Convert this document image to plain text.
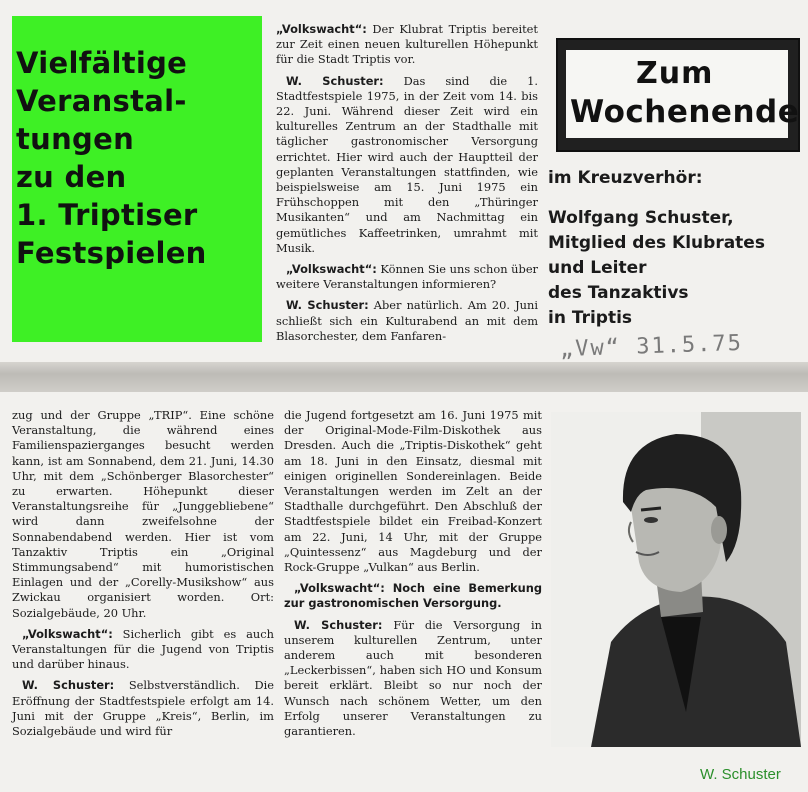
Vielfältige
Veranstal-
tungen
zu den
1. Triptiser
Festspielen

„Volkswacht“: Der Klubrat Triptis bereitet zur Zeit einen neuen kulturellen Höhepunkt für die Stadt Triptis vor.

W. Schuster: Das sind die 1. Stadtfestspiele 1975, in der Zeit vom 14. bis 22. Juni. Während dieser Zeit wird ein kulturelles Zentrum an der Stadthalle mit täglicher gastronomischer Versorgung errichtet. Hier wird auch der Hauptteil der geplanten Veranstaltungen stattfinden, wie beispielsweise am 15. Juni 1975 ein Frühschoppen mit den „Thüringer Musikanten“ und am Nachmittag ein gemütliches Kaffeetrinken, umrahmt mit Musik.

„Volkswacht“: Können Sie uns schon über weitere Veranstaltungen informieren?

W. Schuster: Aber natürlich. Am 20. Juni schließt sich ein Kulturabend an mit dem Blasorchester, dem Fanfaren-

Zum
Wochenende
im Kreuzverhör:
Wolfgang Schuster,
Mitglied des Klubrates
und Leiter
des Tanzaktivs
in Triptis
„Vw“ 31.5.75

zug und der Gruppe „TRIP“. Eine schöne Veranstaltung, die während eines Familienspazierganges besucht werden kann, ist am Sonnabend, dem 21. Juni, 14.30 Uhr, mit dem „Schönberger Blasorchester“ zu erwarten. Höhepunkt dieser Veranstaltungsreihe für „Junggebliebene“ wird dann zweifelsohne der Sonnabendabend werden. Hier ist vom Tanzaktiv Triptis ein „Original Stimmungsabend“ mit humoristischen Einlagen und der „Corelly-Musikshow“ aus Zwickau organisiert worden. Ort: Sozialgebäude, 20 Uhr.

„Volkswacht“: Sicherlich gibt es auch Veranstaltungen für die Jugend von Triptis und darüber hinaus.

W. Schuster: Selbstverständlich. Die Eröffnung der Stadtfestspiele erfolgt am 14. Juni mit der Gruppe „Kreis“, Berlin, im Sozialgebäude und wird für

die Jugend fortgesetzt am 16. Juni 1975 mit der Original-Mode-Film-Diskothek aus Dresden. Auch die „Triptis-Diskothek“ geht am 18. Juni in den Einsatz, diesmal mit einigen originellen Sondereinlagen. Beide Veranstaltungen werden im Zelt an der Stadthalle durchgeführt. Den Abschluß der Stadtfestspiele bildet ein Freibad-Konzert am 22. Juni, 14 Uhr, mit der Gruppe „Quintessenz“ aus Magdeburg und der Rock-Gruppe „Vulkan“ aus Berlin.

„Volkswacht“: Noch eine Bemerkung zur gastronomischen Versorgung.

W. Schuster: Für die Versorgung in unserem kulturellen Zentrum, unter anderem auch mit besonderen „Leckerbissen“, haben sich HO und Konsum bereit erklärt. Bleibt so nur noch der Wunsch nach schönem Wetter, um den Erfolg unserer Veranstaltungen zu garantieren.

W. Schuster
